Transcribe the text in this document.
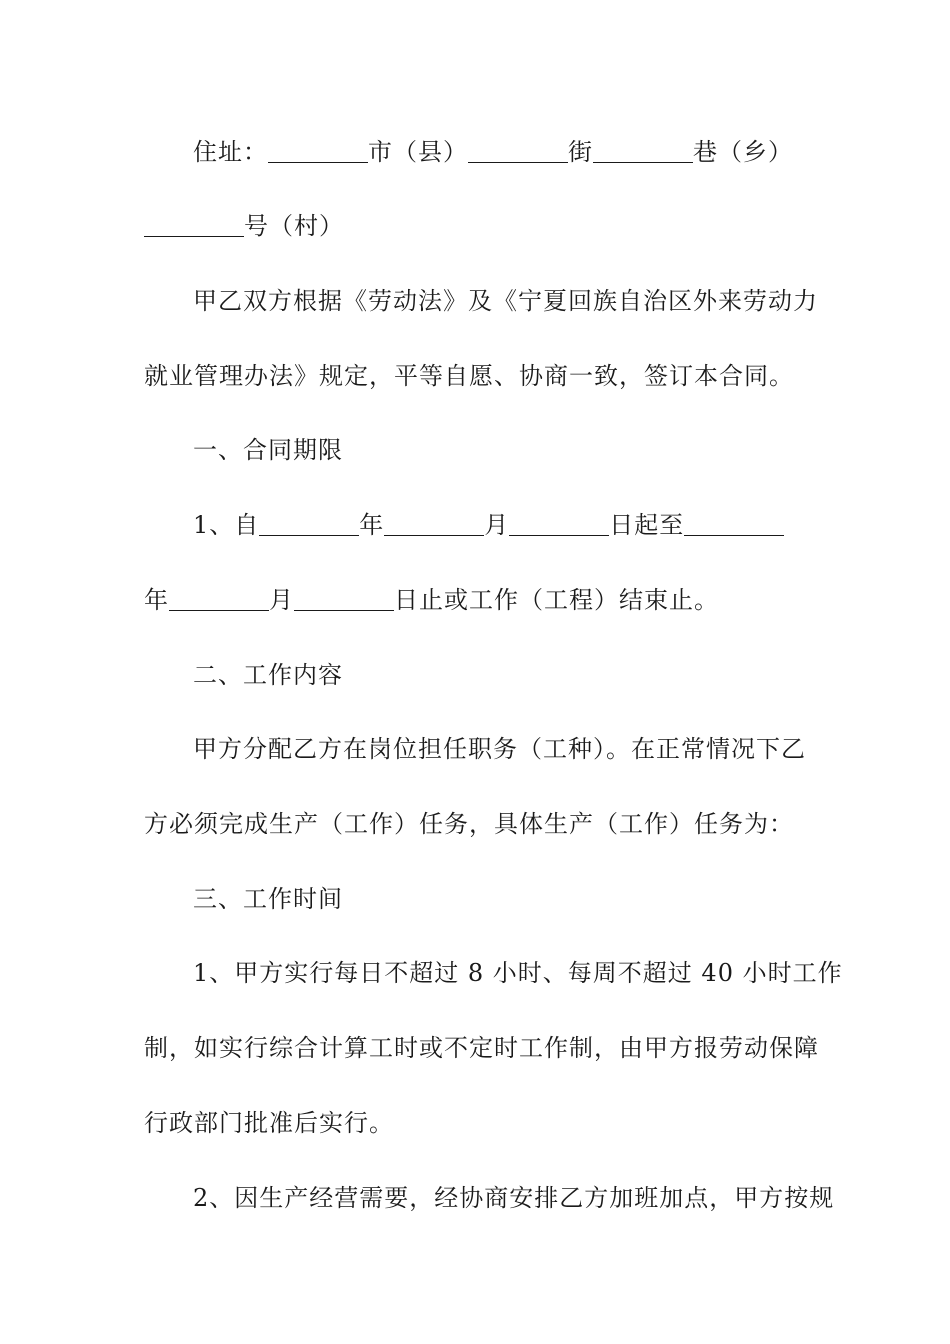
住址：	市（县）	街	巷（乡）
号（村）
甲乙双方根据《劳动法》及《宁夏回族自治区外来劳动力
就业管理办法》规定，平等自愿、协商一致，签订本合同。
一、合同期限
1、自	年	月	日起至
年	月	日止或工作（工程）结束止。
二、工作内容
甲方分配乙方在岗位担任职务（工种）。在正常情况下乙
方必须完成生产（工作）任务，具体生产（工作）任务为：
三、工作时间
1、甲方实行每日不超过 8 小时、每周不超过 40 小时工作
制，如实行综合计算工时或不定时工作制，由甲方报劳动保障
行政部门批准后实行。
2、因生产经营需要，经协商安排乙方加班加点，甲方按规
